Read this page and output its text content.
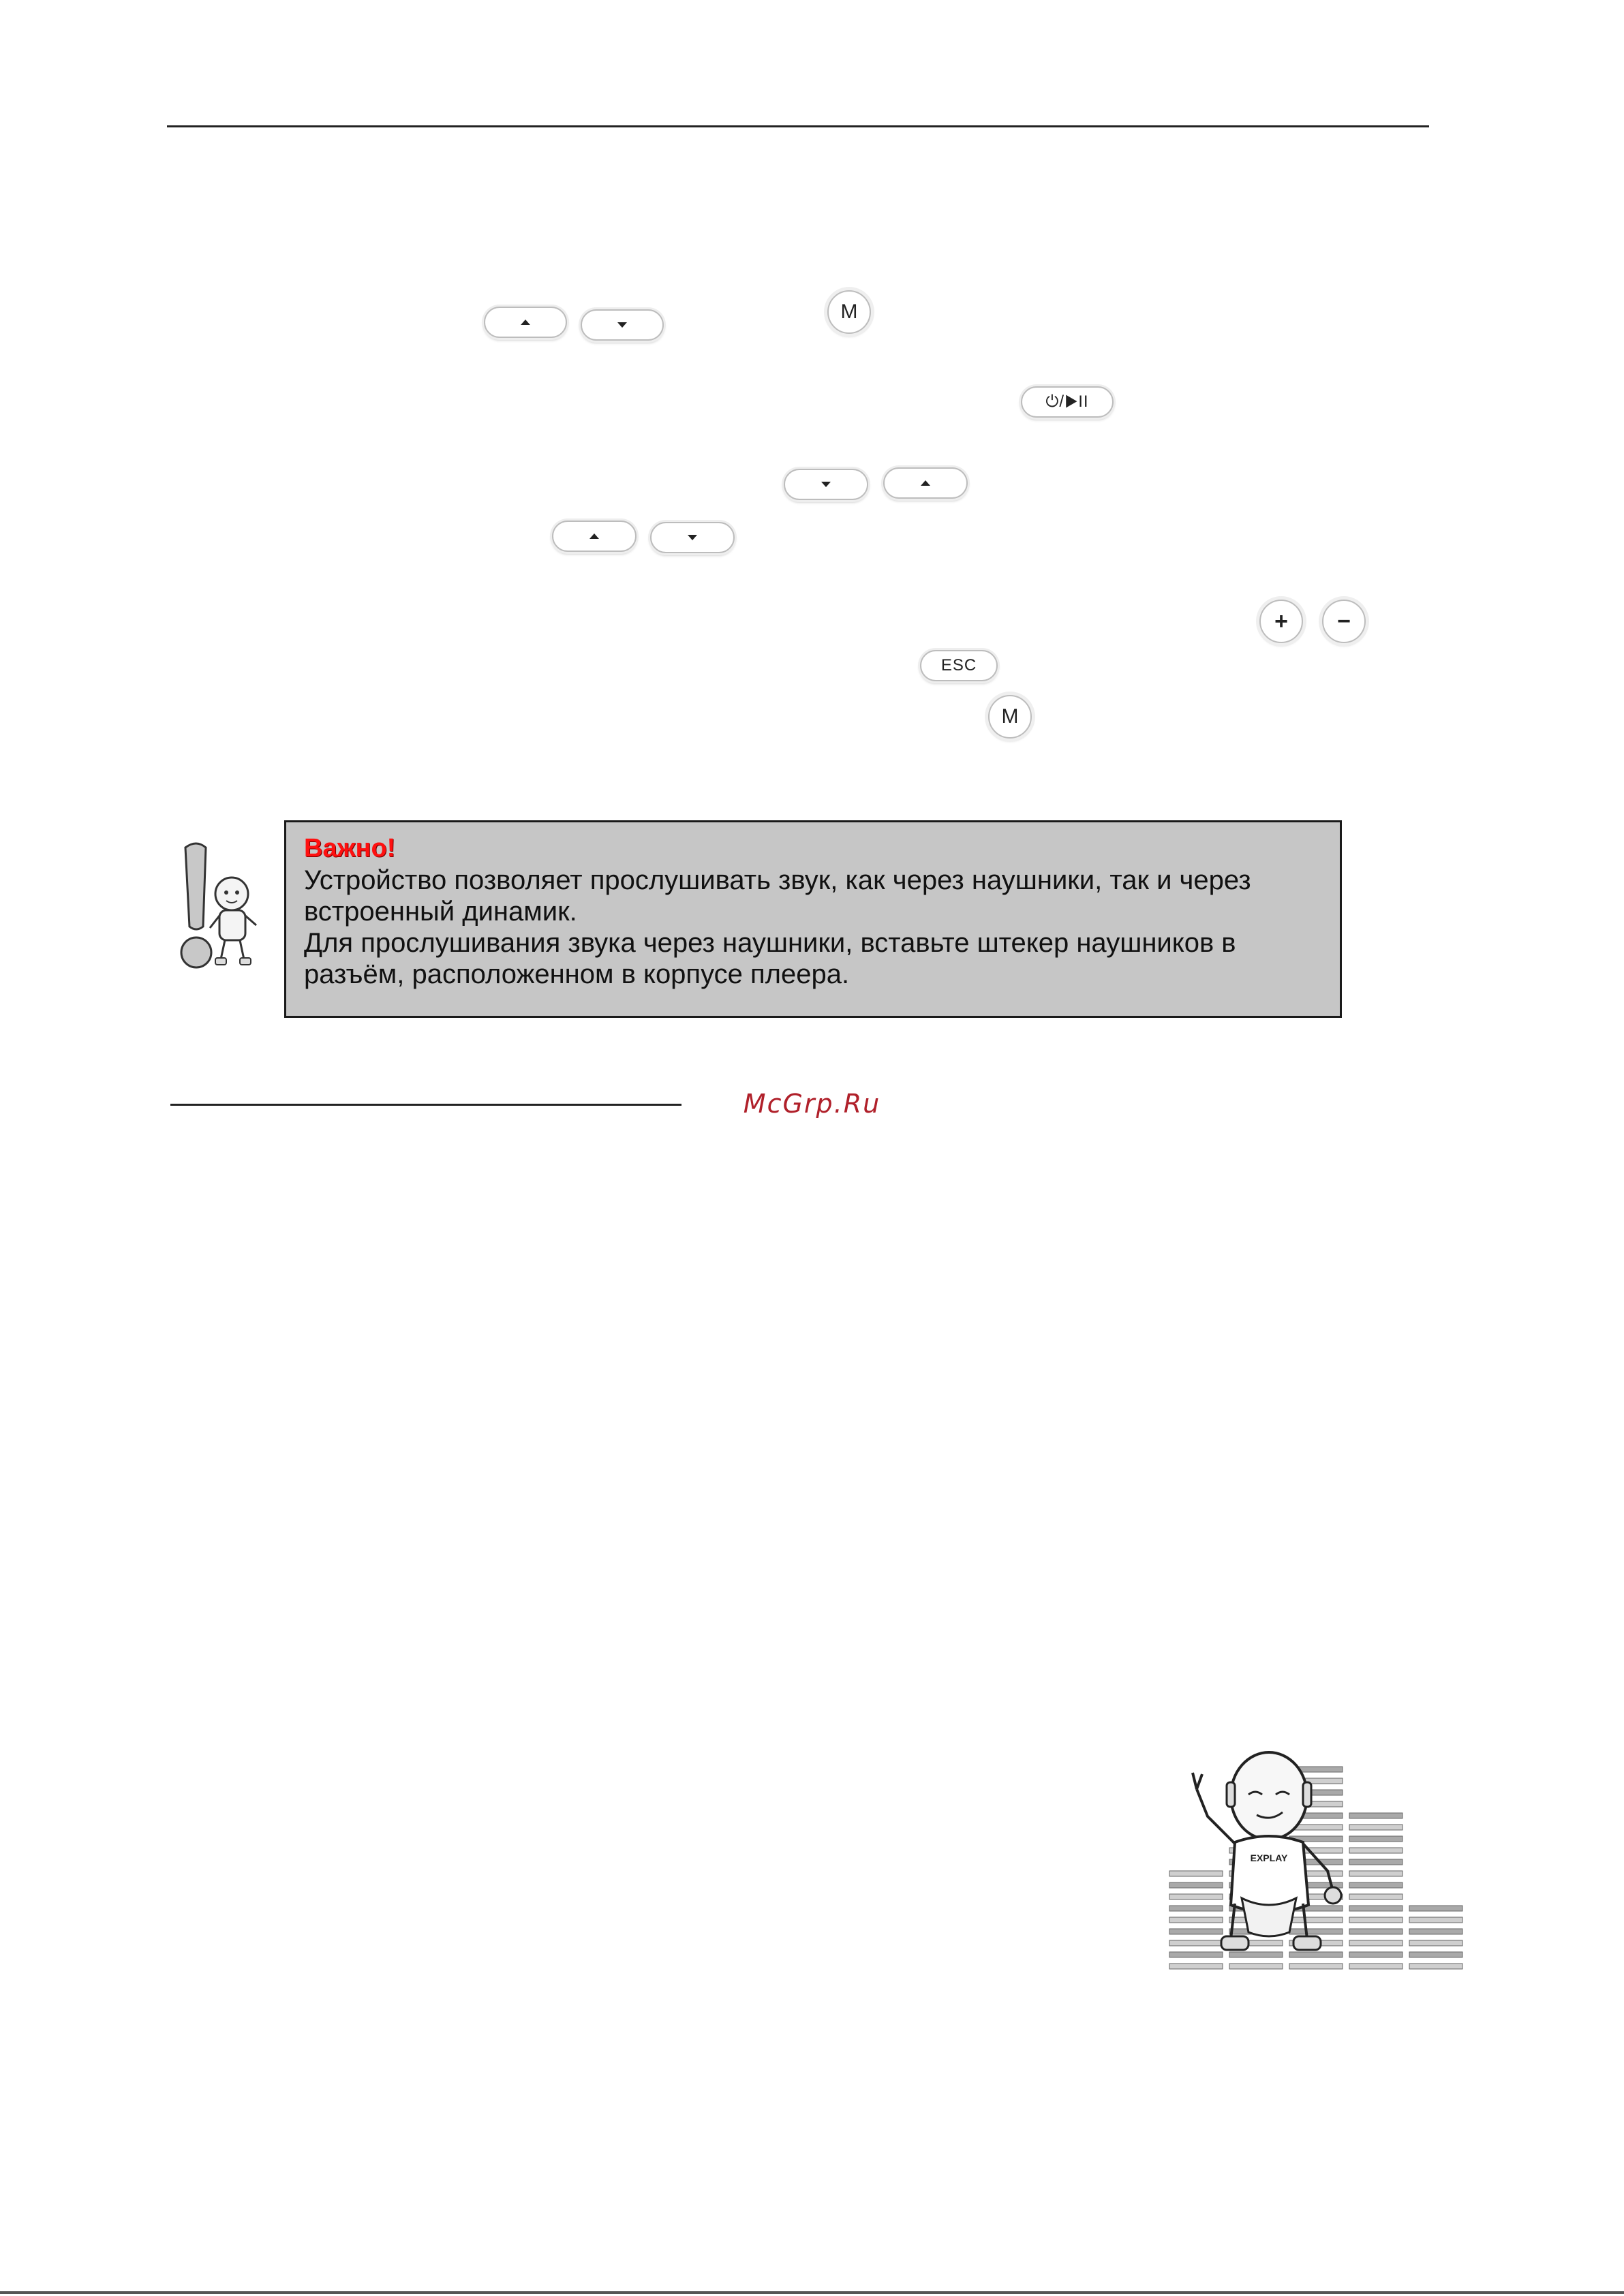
M
⏻/▶II
+ −
ESC
M
Важно!
Устройство позволяет прослушивать звук, как через наушники, так и через
встроенный динамик.
Для прослушивания звука через наушники, вставьте штекер наушников в
разъём, расположенном в корпусе плеера.
McGrp.Ru
EXPLAY
